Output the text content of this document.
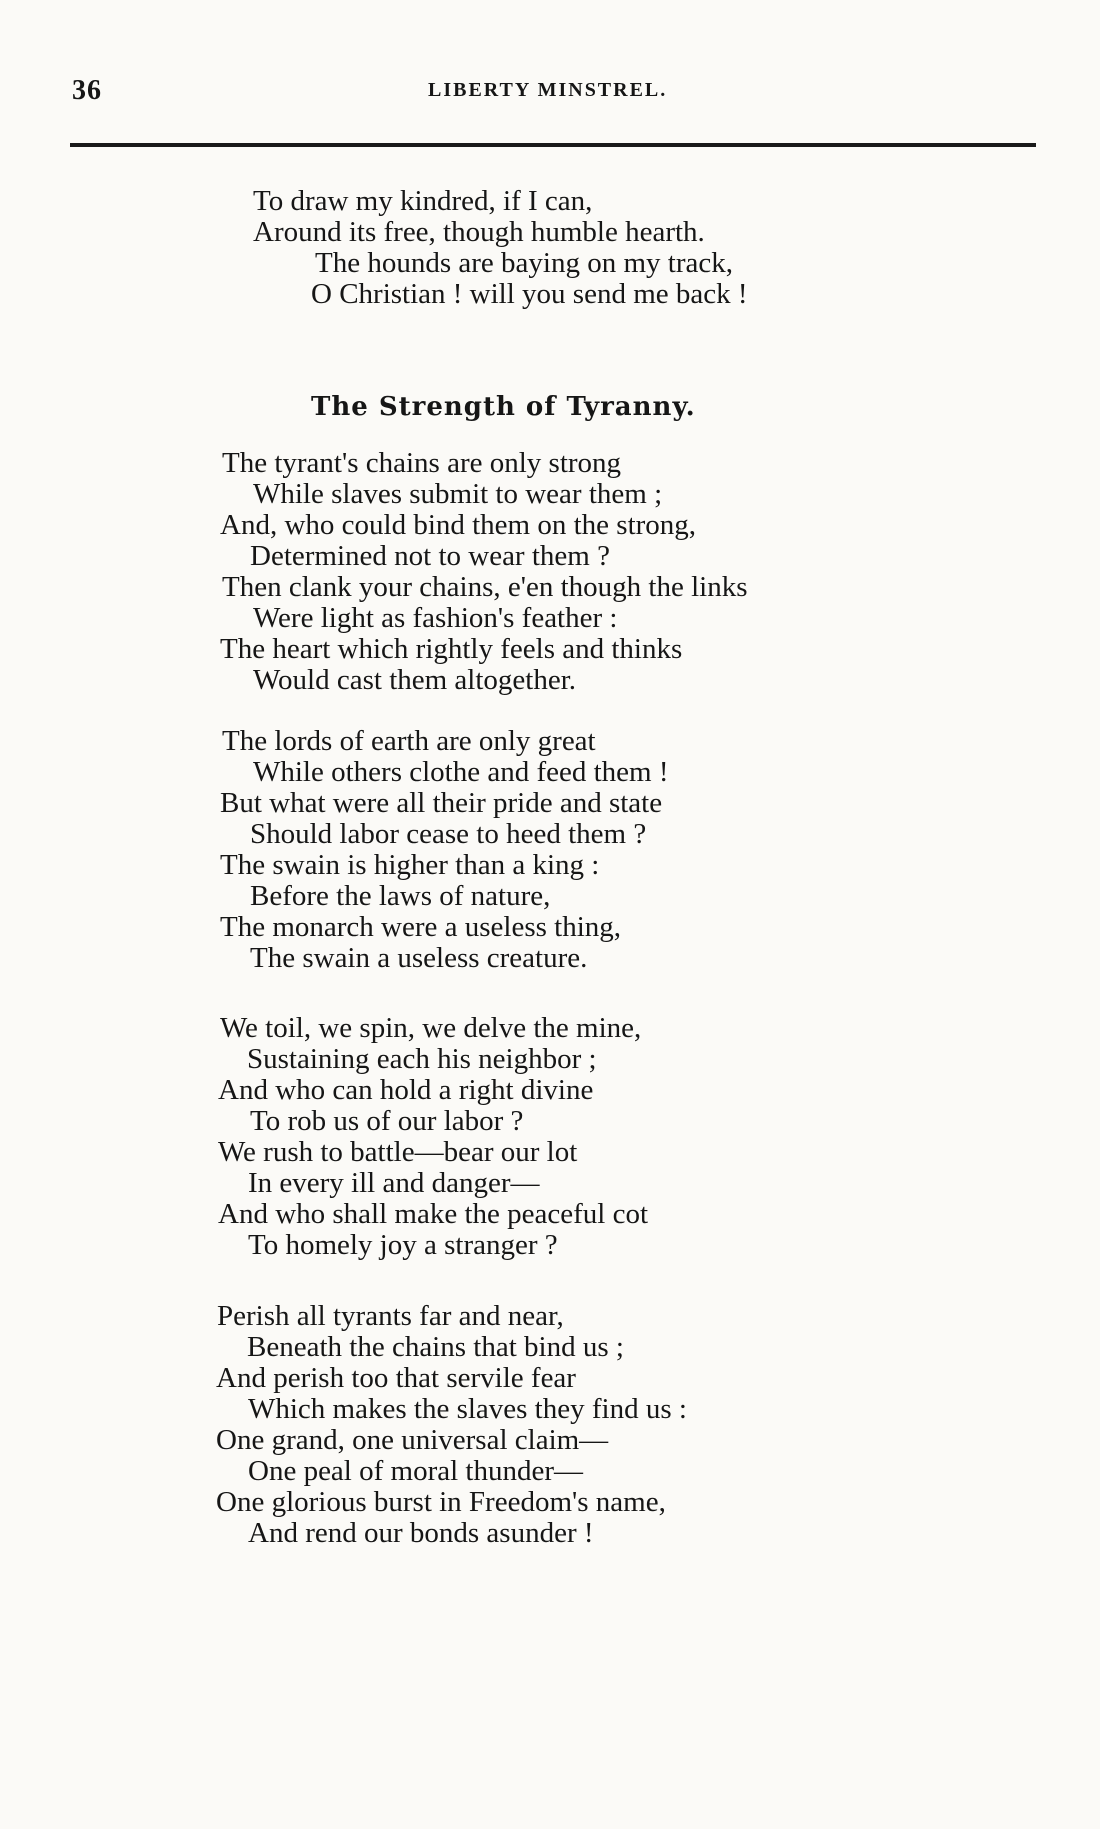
36	LIBERTY MINSTREL.
To draw my kindred, if I can,
Around its free, though humble hearth.
The hounds are baying on my track,
O Christian ! will you send me back !
The Strength of Tyranny.
The tyrant's chains are only strong
While slaves submit to wear them ;
And, who could bind them on the strong,
Determined not to wear them ?
Then clank your chains, e'en though the links
Were light as fashion's feather :
The heart which rightly feels and thinks
Would cast them altogether.
The lords of earth are only great
While others clothe and feed them !
But what were all their pride and state
Should labor cease to heed them ?
The swain is higher than a king :
Before the laws of nature,
The monarch were a useless thing,
The swain a useless creature.
We toil, we spin, we delve the mine,
Sustaining each his neighbor ;
And who can hold a right divine
To rob us of our labor ?
We rush to battle—bear our lot
In every ill and danger—
And who shall make the peaceful cot
To homely joy a stranger ?
Perish all tyrants far and near,
Beneath the chains that bind us ;
And perish too that servile fear
Which makes the slaves they find us :
One grand, one universal claim—
One peal of moral thunder—
One glorious burst in Freedom's name,
And rend our bonds asunder !
